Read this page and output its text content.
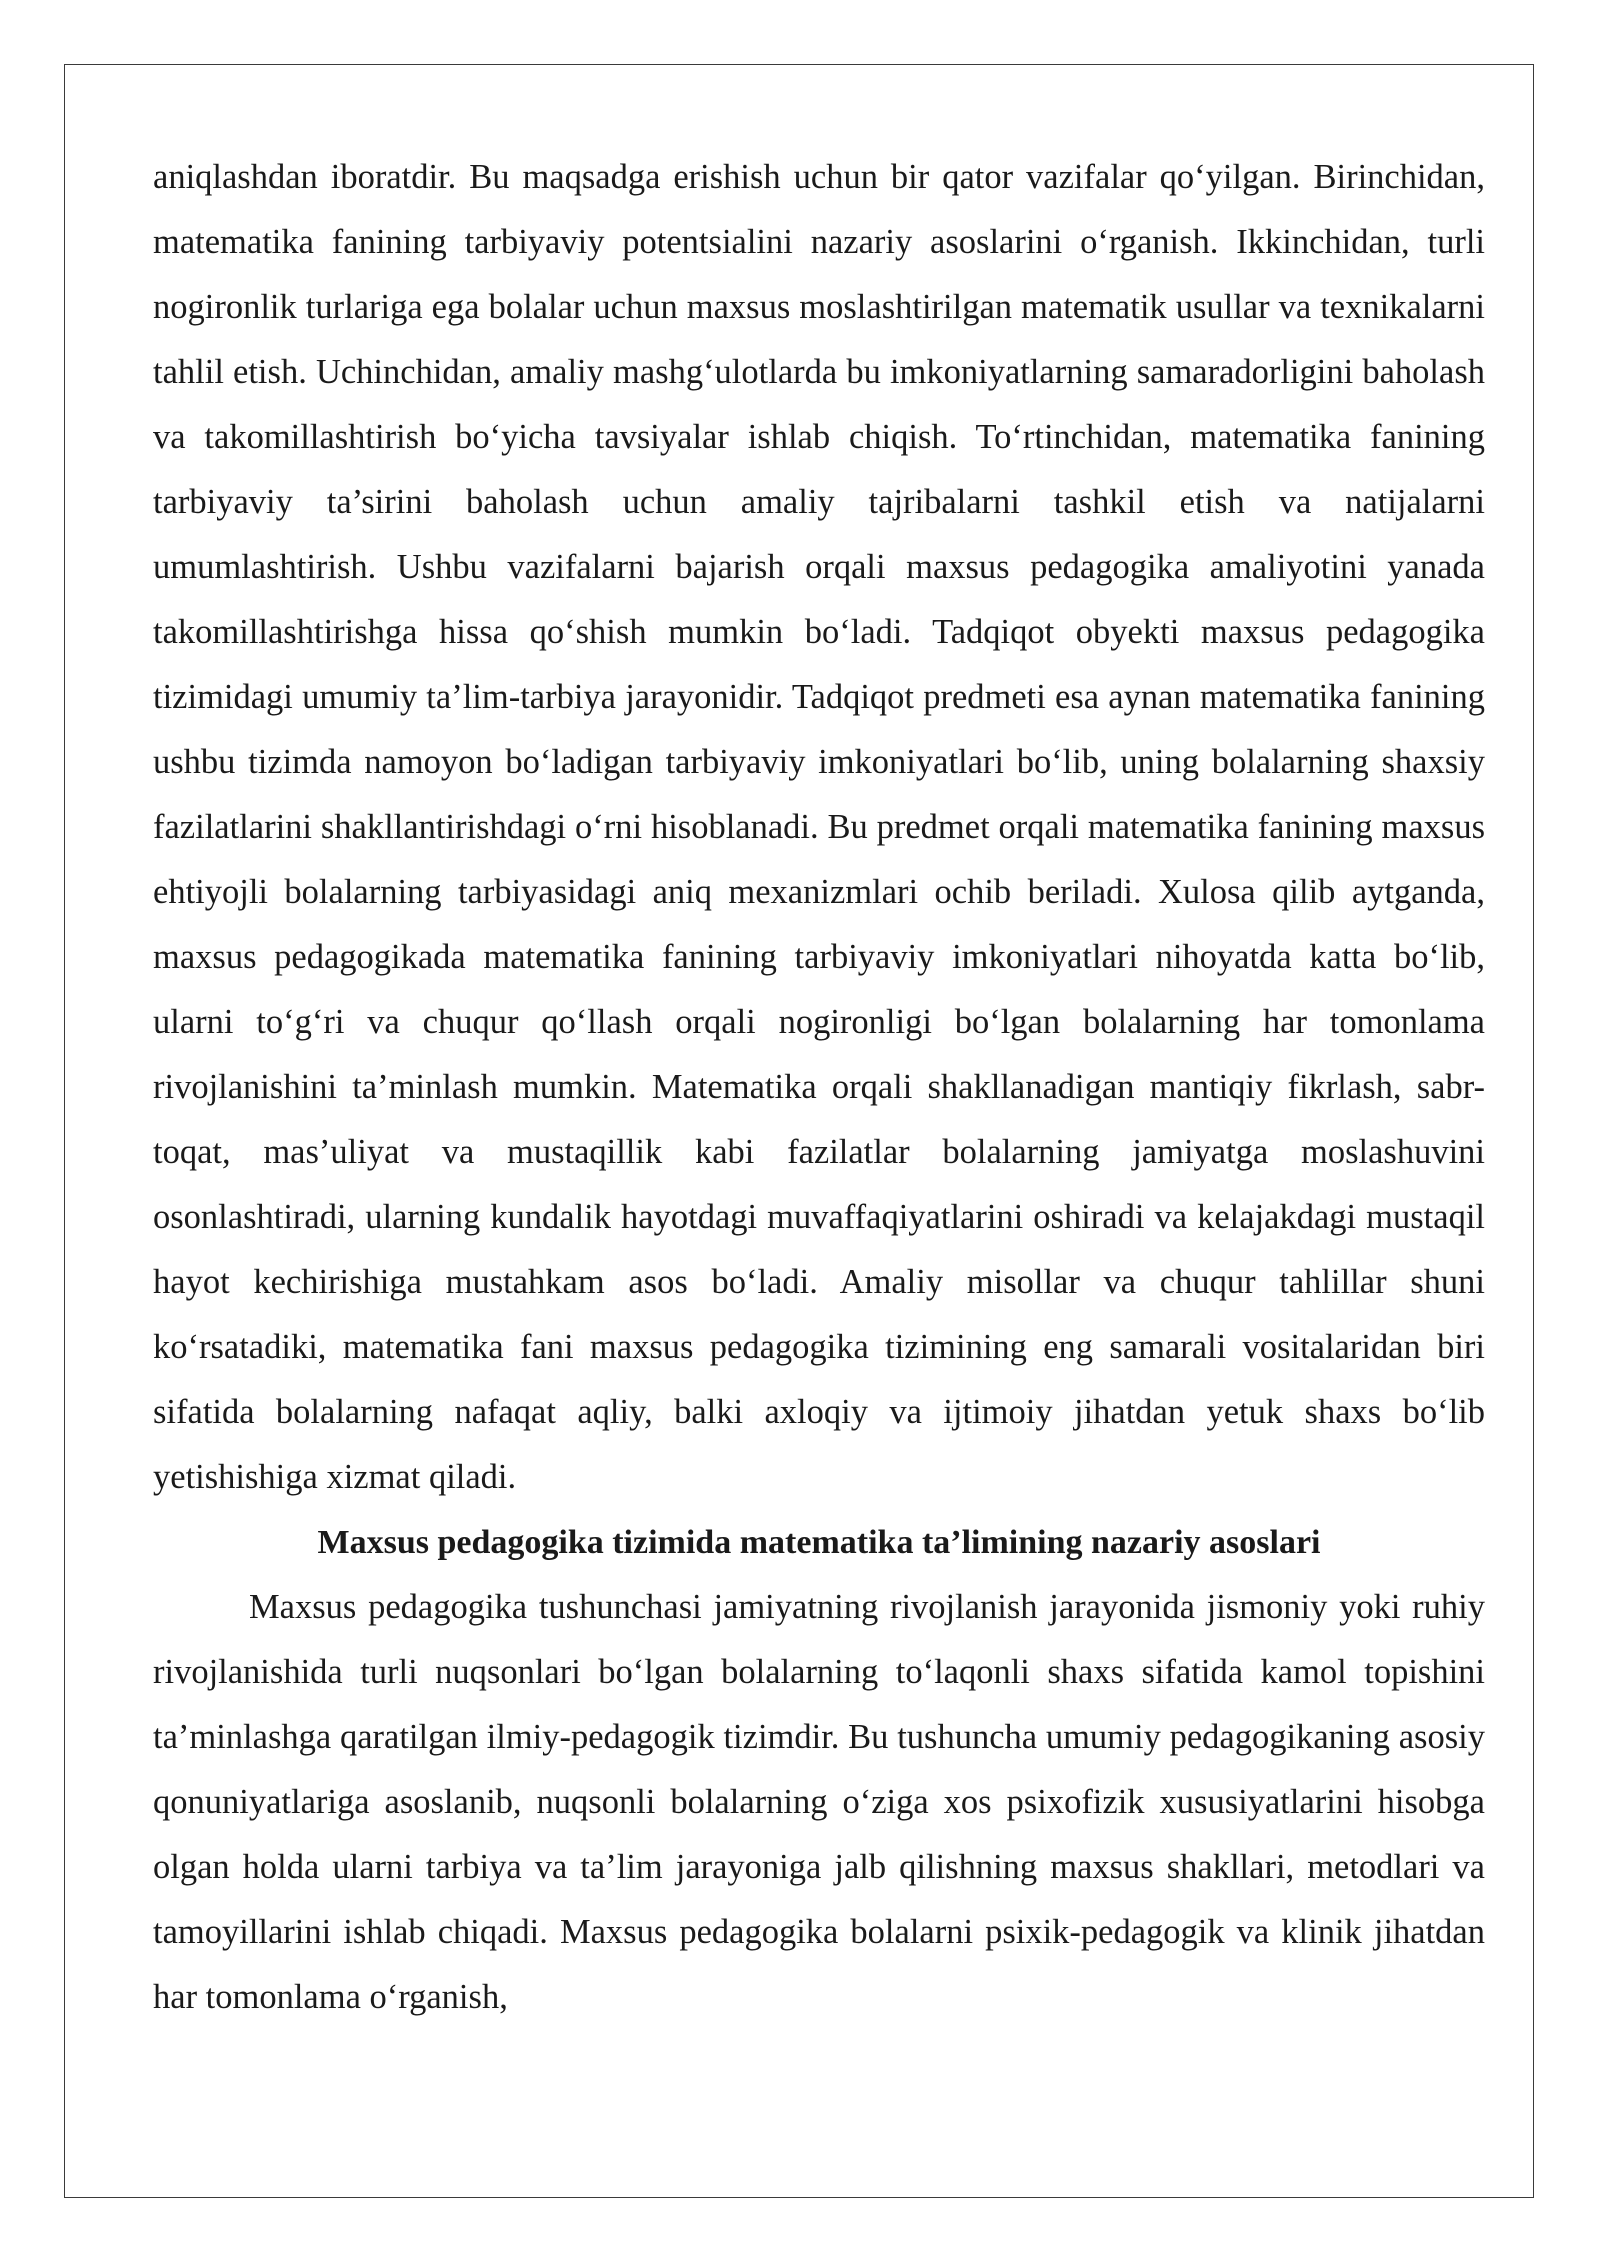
aniqlashdan iboratdir. Bu maqsadga erishish uchun bir qator vazifalar qo‘yilgan. Birinchidan, matematika fanining tarbiyaviy potentsialini nazariy asoslarini o‘rganish. Ikkinchidan, turli nogironlik turlariga ega bolalar uchun maxsus moslashtirilgan matematik usullar va texnikalarni tahlil etish. Uchinchidan, amaliy mashg‘ulotlarda bu imkoniyatlarning samaradorligini baholash va takomillashtirish bo‘yicha tavsiyalar ishlab chiqish. To‘rtinchidan, matematika fanining tarbiyaviy ta’sirini baholash uchun amaliy tajribalarni tashkil etish va natijalarni umumlashtirish. Ushbu vazifalarni bajarish orqali maxsus pedagogika amaliyotini yanada takomillashtirishga hissa qo‘shish mumkin bo‘ladi. Tadqiqot obyekti maxsus pedagogika tizimidagi umumiy ta’lim-tarbiya jarayonidir. Tadqiqot predmeti esa aynan matematika fanining ushbu tizimda namoyon bo‘ladigan tarbiyaviy imkoniyatlari bo‘lib, uning bolalarning shaxsiy fazilatlarini shakllantirishdagi o‘rni hisoblanadi. Bu predmet orqali matematika fanining maxsus ehtiyojli bolalarning tarbiyasidagi aniq mexanizmlari ochib beriladi. Xulosa qilib aytganda, maxsus pedagogikada matematika fanining tarbiyaviy imkoniyatlari nihoyatda katta bo‘lib, ularni to‘g‘ri va chuqur qo‘llash orqali nogironligi bo‘lgan bolalarning har tomonlama rivojlanishini ta’minlash mumkin. Matematika orqali shakllanadigan mantiqiy fikrlash, sabr-toqat, mas’uliyat va mustaqillik kabi fazilatlar bolalarning jamiyatga moslashuvini osonlashtiradi, ularning kundalik hayotdagi muvaffaqiyatlarini oshiradi va kelajakdagi mustaqil hayot kechirishiga mustahkam asos bo‘ladi. Amaliy misollar va chuqur tahlillar shuni ko‘rsatadiki, matematika fani maxsus pedagogika tizimining eng samarali vositalaridan biri sifatida bolalarning nafaqat aqliy, balki axloqiy va ijtimoiy jihatdan yetuk shaxs bo‘lib yetishishiga xizmat qiladi.

Maxsus pedagogika tizimida matematika ta’limining nazariy asoslari

Maxsus pedagogika tushunchasi jamiyatning rivojlanish jarayonida jismoniy yoki ruhiy rivojlanishida turli nuqsonlari bo‘lgan bolalarning to‘laqonli shaxs sifatida kamol topishini ta’minlashga qaratilgan ilmiy-pedagogik tizimdir. Bu tushuncha umumiy pedagogikaning asosiy qonuniyatlariga asoslanib, nuqsonli bolalarning o‘ziga xos psixofizik xususiyatlarini hisobga olgan holda ularni tarbiya va ta’lim jarayoniga jalb qilishning maxsus shakllari, metodlari va tamoyillarini ishlab chiqadi. Maxsus pedagogika bolalarni psixik-pedagogik va klinik jihatdan har tomonlama o‘rganish,
